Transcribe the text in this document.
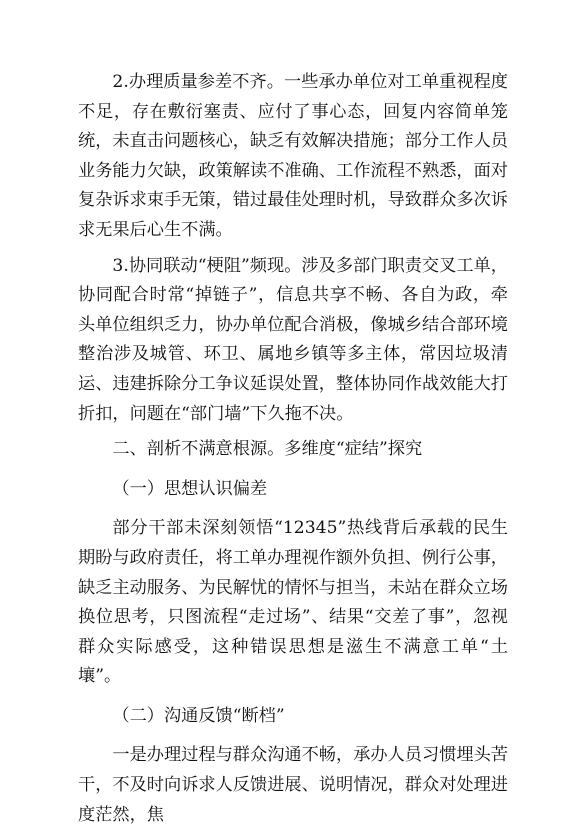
2.办理质量参差不齐。一些承办单位对工单重视程度不足，存在敷衍塞责、应付了事心态，回复内容简单笼统，未直击问题核心，缺乏有效解决措施；部分工作人员业务能力欠缺，政策解读不准确、工作流程不熟悉，面对复杂诉求束手无策，错过最佳处理时机，导致群众多次诉求无果后心生不满。

3.协同联动“梗阻”频现。涉及多部门职责交叉工单，协同配合时常“掉链子”，信息共享不畅、各自为政，牵头单位组织乏力，协办单位配合消极，像城乡结合部环境整治涉及城管、环卫、属地乡镇等多主体，常因垃圾清运、违建拆除分工争议延误处置，整体协同作战效能大打折扣，问题在“部门墙”下久拖不决。

二、剖析不满意根源。多维度“症结”探究

（一）思想认识偏差

部分干部未深刻领悟“12345”热线背后承载的民生期盼与政府责任，将工单办理视作额外负担、例行公事，缺乏主动服务、为民解忧的情怀与担当，未站在群众立场换位思考，只图流程“走过场”、结果“交差了事”，忽视群众实际感受，这种错误思想是滋生不满意工单“土壤”。

（二）沟通反馈“断档”

一是办理过程与群众沟通不畅，承办人员习惯埋头苦干，不及时向诉求人反馈进展、说明情况，群众对处理进度茫然，焦
